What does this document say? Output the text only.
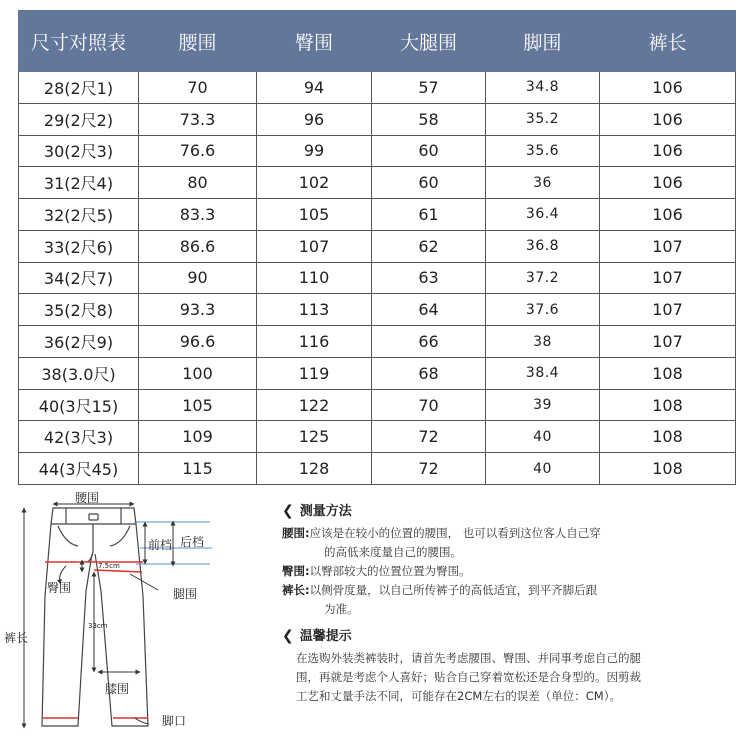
尺寸对照表	腰围	臀围	大腿围	脚围	裤长
28(2尺1)	70	94	57	34.8	106
29(2尺2)	73.3	96	58	35.2	106
30(2尺3)	76.6	99	60	35.6	106
31(2尺4)	80	102	60	36	106
32(2尺5)	83.3	105	61	36.4	106
33(2尺6)	86.6	107	62	36.8	107
34(2尺7)	90	110	63	37.2	107
35(2尺8)	93.3	113	64	37.6	107
36(2尺9)	96.6	116	66	38	107
38(3.0尺)	100	119	68	38.4	108
40(3尺15)	105	122	70	39	108
42(3尺3)	109	125	72	40	108
44(3尺45)	115	128	72	40	108
腰围
前档 后档
臀围	腿围
裤长
膝围
脚口
7.5cm
33cm
❮ 测量方法

腰围:应该是在较小的位置的腰围， 也可以看到这位客人自己穿

的高低来度量自己的腰围。

臀围:以臀部较大的位置位置为臀围。

裤长:以侧骨度量，以自己所传裤子的高低适宜，到平齐脚后跟

为准。

❮ 温馨提示

在选购外装类裤装时，请首先考虑腰围、臀围、并同事考虑自己的腿

围，再就是考虑个人喜好；贴合自己穿着宽松还是合身型的。因剪裁

工艺和丈量手法不同，可能存在2CM左右的误差（单位：CM）。
